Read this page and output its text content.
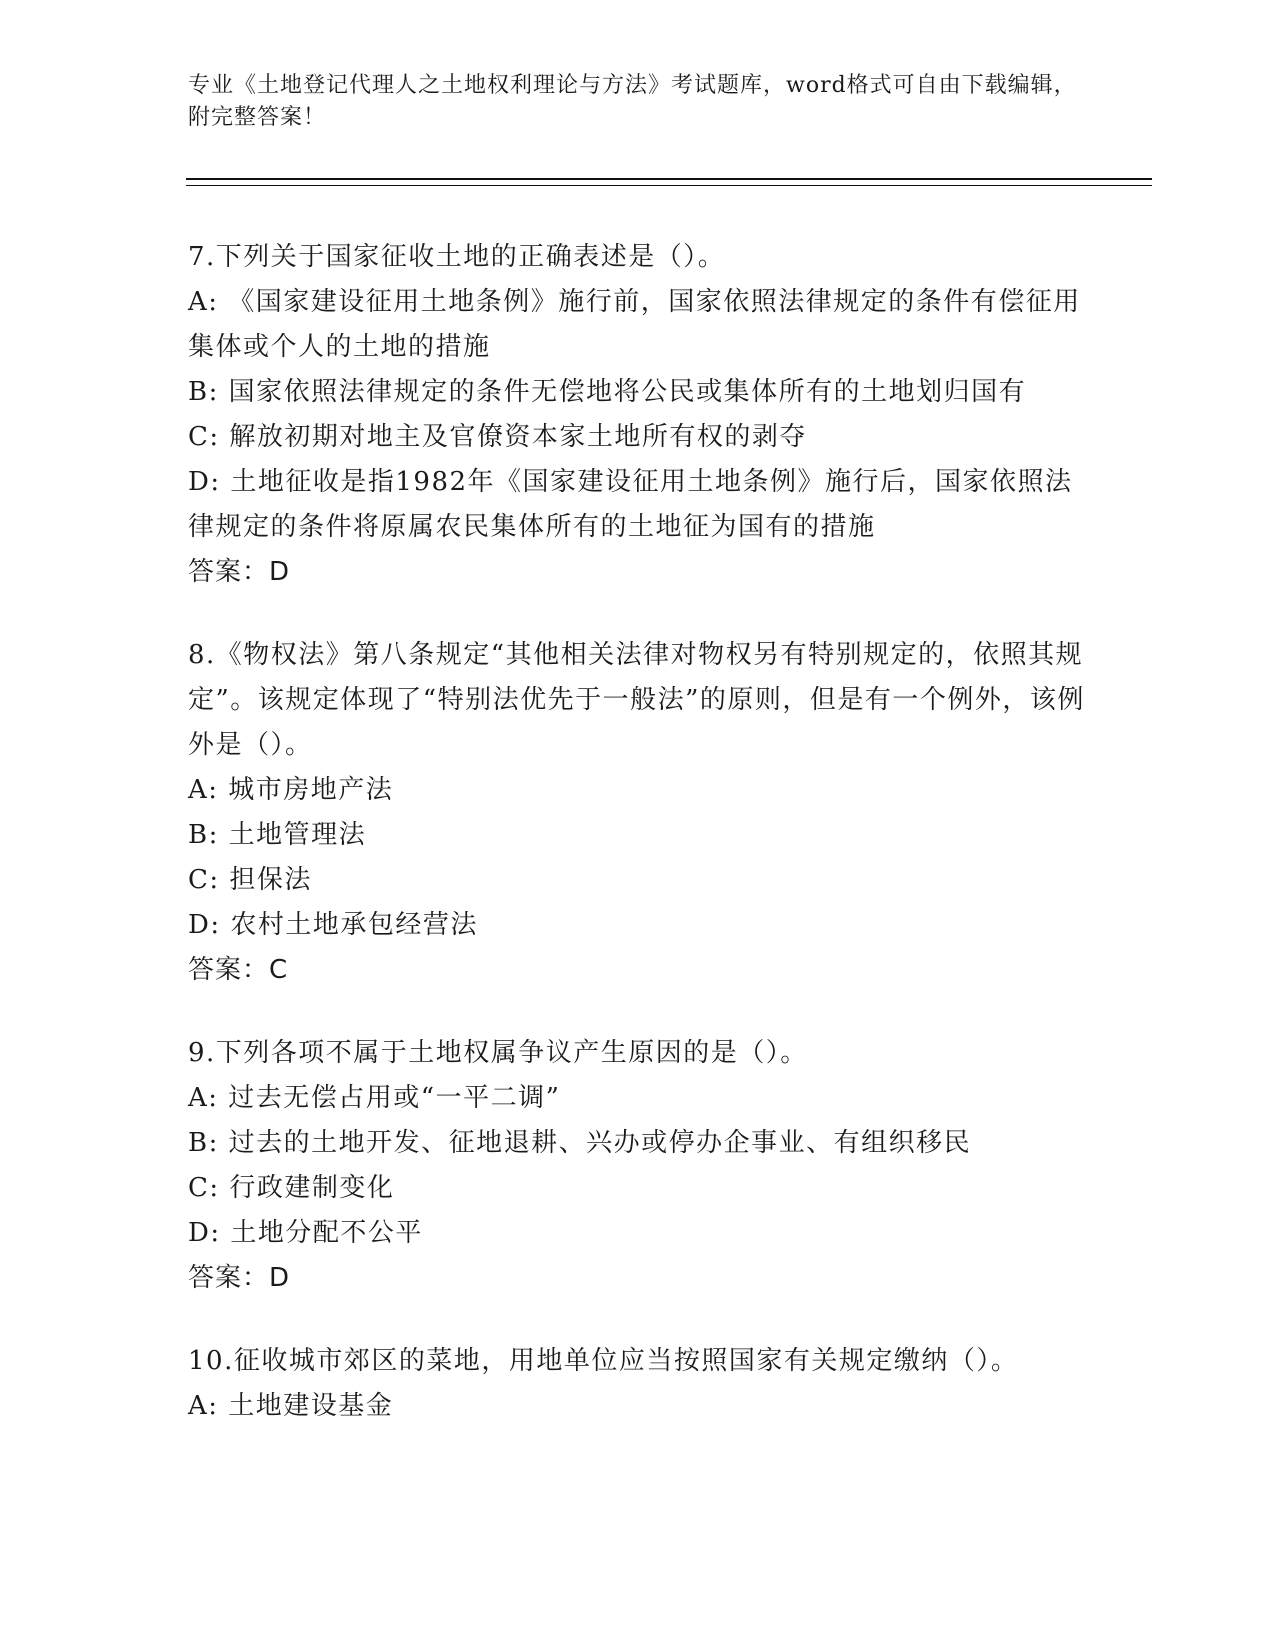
专业《土地登记代理人之土地权利理论与方法》考试题库，word格式可自由下载编辑，附完整答案！
7.下列关于国家征收土地的正确表述是（）。
A: 《国家建设征用土地条例》施行前，国家依照法律规定的条件有偿征用集体或个人的土地的措施
B: 国家依照法律规定的条件无偿地将公民或集体所有的土地划归国有
C: 解放初期对地主及官僚资本家土地所有权的剥夺
D: 土地征收是指1982年《国家建设征用土地条例》施行后，国家依照法律规定的条件将原属农民集体所有的土地征为国有的措施
答案：D
8.《物权法》第八条规定“其他相关法律对物权另有特别规定的，依照其规定”。该规定体现了“特别法优先于一般法”的原则，但是有一个例外，该例外是（）。
A: 城市房地产法
B: 土地管理法
C: 担保法
D: 农村土地承包经营法
答案：C
9.下列各项不属于土地权属争议产生原因的是（）。
A: 过去无偿占用或“一平二调”
B: 过去的土地开发、征地退耕、兴办或停办企事业、有组织移民
C: 行政建制变化
D: 土地分配不公平
答案：D
10.征收城市郊区的菜地，用地单位应当按照国家有关规定缴纳（）。
A: 土地建设基金
